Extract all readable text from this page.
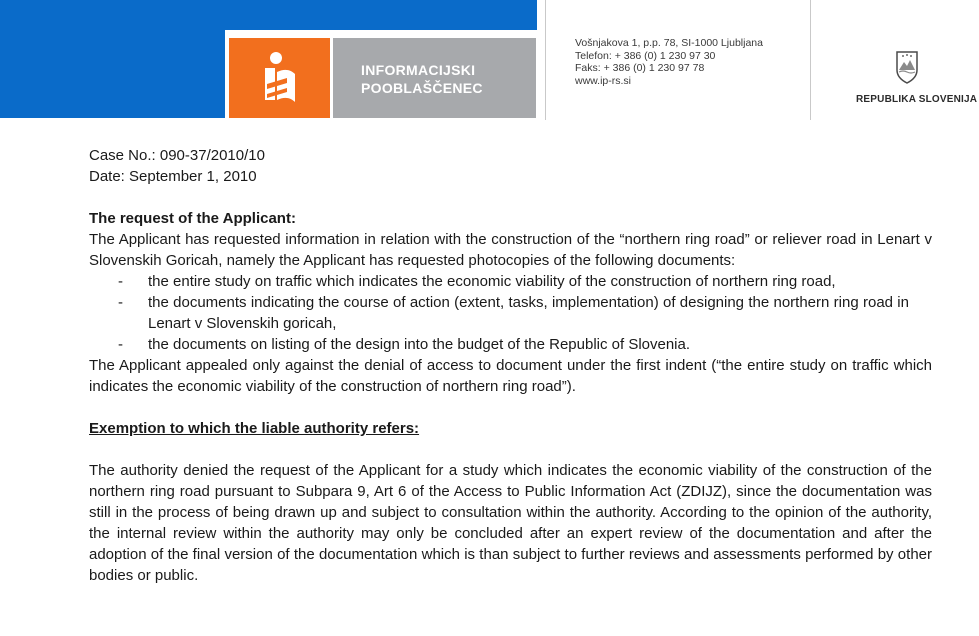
INFORMACIJSKI
POOBLAŠČENEC
Vošnjakova 1, p.p. 78, SI-1000 Ljubljana
Telefon: + 386 (0) 1 230 97 30
Faks: + 386 (0) 1 230 97 78
www.ip-rs.si
REPUBLIKA SLOVENIJA

Case No.: 090-37/2010/10

Date: September 1, 2010

The request of the Applicant:

The Applicant has requested information in relation with the construction of the “northern ring road” or reliever road in Lenart v Slovenskih Goricah, namely the Applicant has requested photocopies of the following documents:

- the entire study on traffic which indicates the economic viability of the construction of northern ring road,
- the documents indicating the course of action (extent, tasks, implementation) of designing the northern ring road in Lenart v Slovenskih goricah,
- the documents on listing of the design into the budget of the Republic of Slovenia.

The Applicant appealed only against the denial of access to document under the first indent (“the entire study on traffic which indicates the economic viability of the construction of northern ring road”).

Exemption to which the liable authority refers:

The authority denied the request of the Applicant for a study which indicates the economic viability of the construction of the northern ring road pursuant to Subpara 9, Art 6 of the Access to Public Information Act (ZDIJZ), since the documentation was still in the process of being drawn up and subject to consultation within the authority. According to the opinion of the authority, the internal review within the authority may only be concluded after an expert review of the documentation and after the adoption of the final version of the documentation which is than subject to further reviews and assessments performed by other bodies or public.
